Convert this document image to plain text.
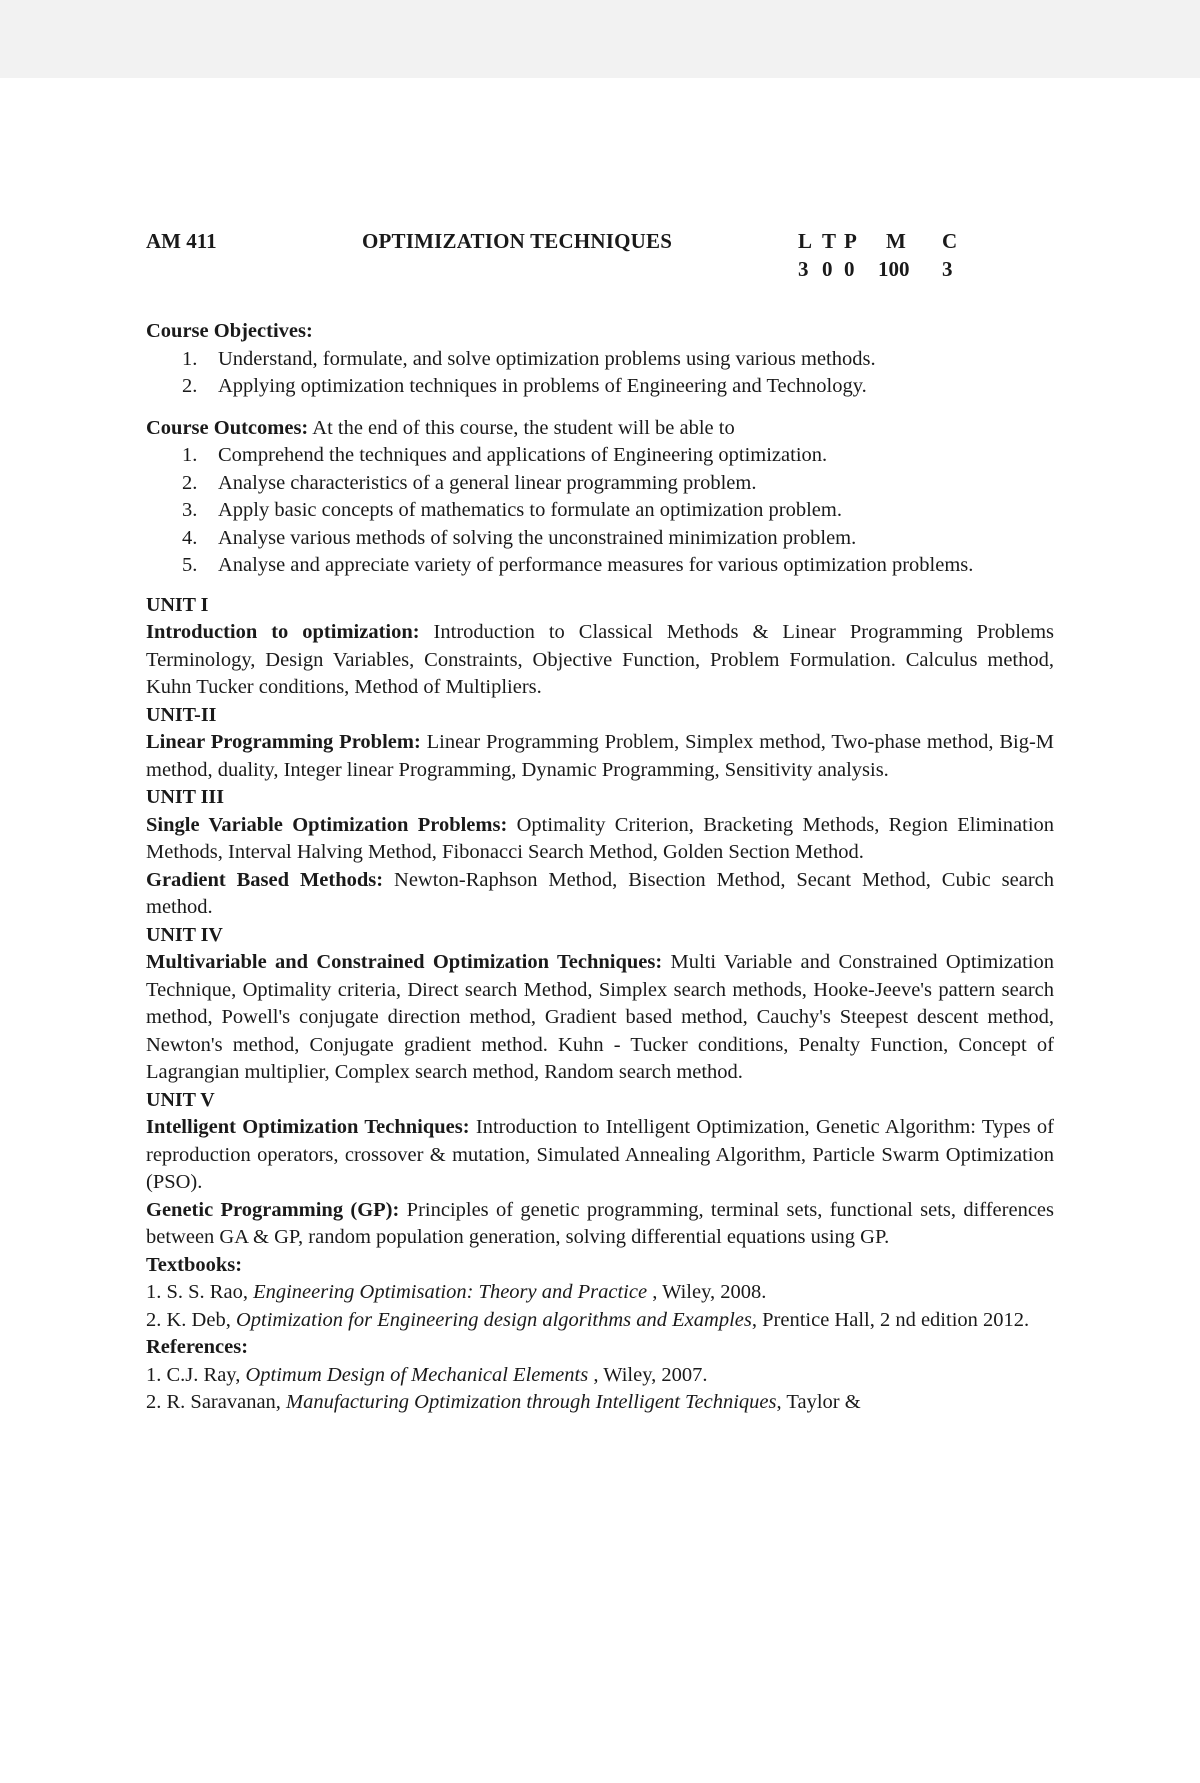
AM 411	OPTIMIZATION TECHNIQUES	L T P M C
3 0 0 100 3
Course Objectives:
1. Understand, formulate, and solve optimization problems using various methods.
2. Applying optimization techniques in problems of Engineering and Technology.
Course Outcomes: At the end of this course, the student will be able to
1. Comprehend the techniques and applications of Engineering optimization.
2. Analyse characteristics of a general linear programming problem.
3. Apply basic concepts of mathematics to formulate an optimization problem.
4. Analyse various methods of solving the unconstrained minimization problem.
5. Analyse and appreciate variety of performance measures for various optimization problems.
UNIT I
Introduction to optimization: Introduction to Classical Methods & Linear Programming Problems Terminology, Design Variables, Constraints, Objective Function, Problem Formulation. Calculus method, Kuhn Tucker conditions, Method of Multipliers.
UNIT-II
Linear Programming Problem: Linear Programming Problem, Simplex method, Two-phase method, Big-M method, duality, Integer linear Programming, Dynamic Programming, Sensitivity analysis.
UNIT III
Single Variable Optimization Problems: Optimality Criterion, Bracketing Methods, Region Elimination Methods, Interval Halving Method, Fibonacci Search Method, Golden Section Method.
Gradient Based Methods: Newton-Raphson Method, Bisection Method, Secant Method, Cubic search method.
UNIT IV
Multivariable and Constrained Optimization Techniques: Multi Variable and Constrained Optimization Technique, Optimality criteria, Direct search Method, Simplex search methods, Hooke-Jeeve's pattern search method, Powell's conjugate direction method, Gradient based method, Cauchy's Steepest descent method, Newton's method, Conjugate gradient method. Kuhn - Tucker conditions, Penalty Function, Concept of Lagrangian multiplier, Complex search method, Random search method.
UNIT V
Intelligent Optimization Techniques: Introduction to Intelligent Optimization, Genetic Algorithm: Types of reproduction operators, crossover & mutation, Simulated Annealing Algorithm, Particle Swarm Optimization (PSO).
Genetic Programming (GP): Principles of genetic programming, terminal sets, functional sets, differences between GA & GP, random population generation, solving differential equations using GP.
Textbooks:
1. S. S. Rao, Engineering Optimisation: Theory and Practice , Wiley, 2008.
2. K. Deb, Optimization for Engineering design algorithms and Examples, Prentice Hall, 2 nd edition 2012.
References:
1. C.J. Ray, Optimum Design of Mechanical Elements , Wiley, 2007.
2. R. Saravanan, Manufacturing Optimization through Intelligent Techniques, Taylor &
